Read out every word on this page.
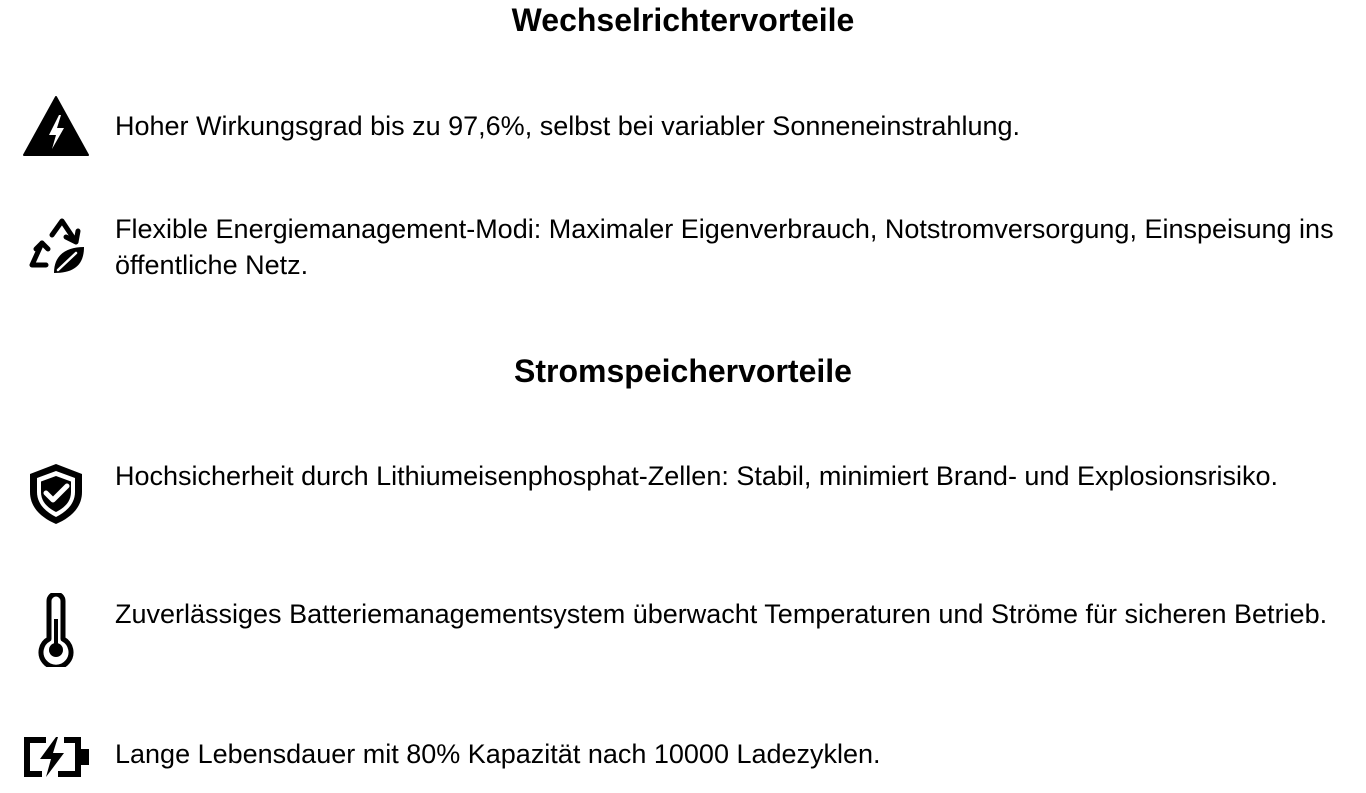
Wechselrichtervorteile

Hoher Wirkungsgrad bis zu 97,6%, selbst bei variabler Sonneneinstrahlung.

Flexible Energiemanagement-Modi: Maximaler Eigenverbrauch, Notstromversorgung, Einspeisung ins öffentliche Netz.

Stromspeichervorteile

Hochsicherheit durch Lithiumeisenphosphat-Zellen: Stabil, minimiert Brand- und Explosionsrisiko.

Zuverlässiges Batteriemanagementsystem überwacht Temperaturen und Ströme für sicheren Betrieb.

Lange Lebensdauer mit 80% Kapazität nach 10000 Ladezyklen.
